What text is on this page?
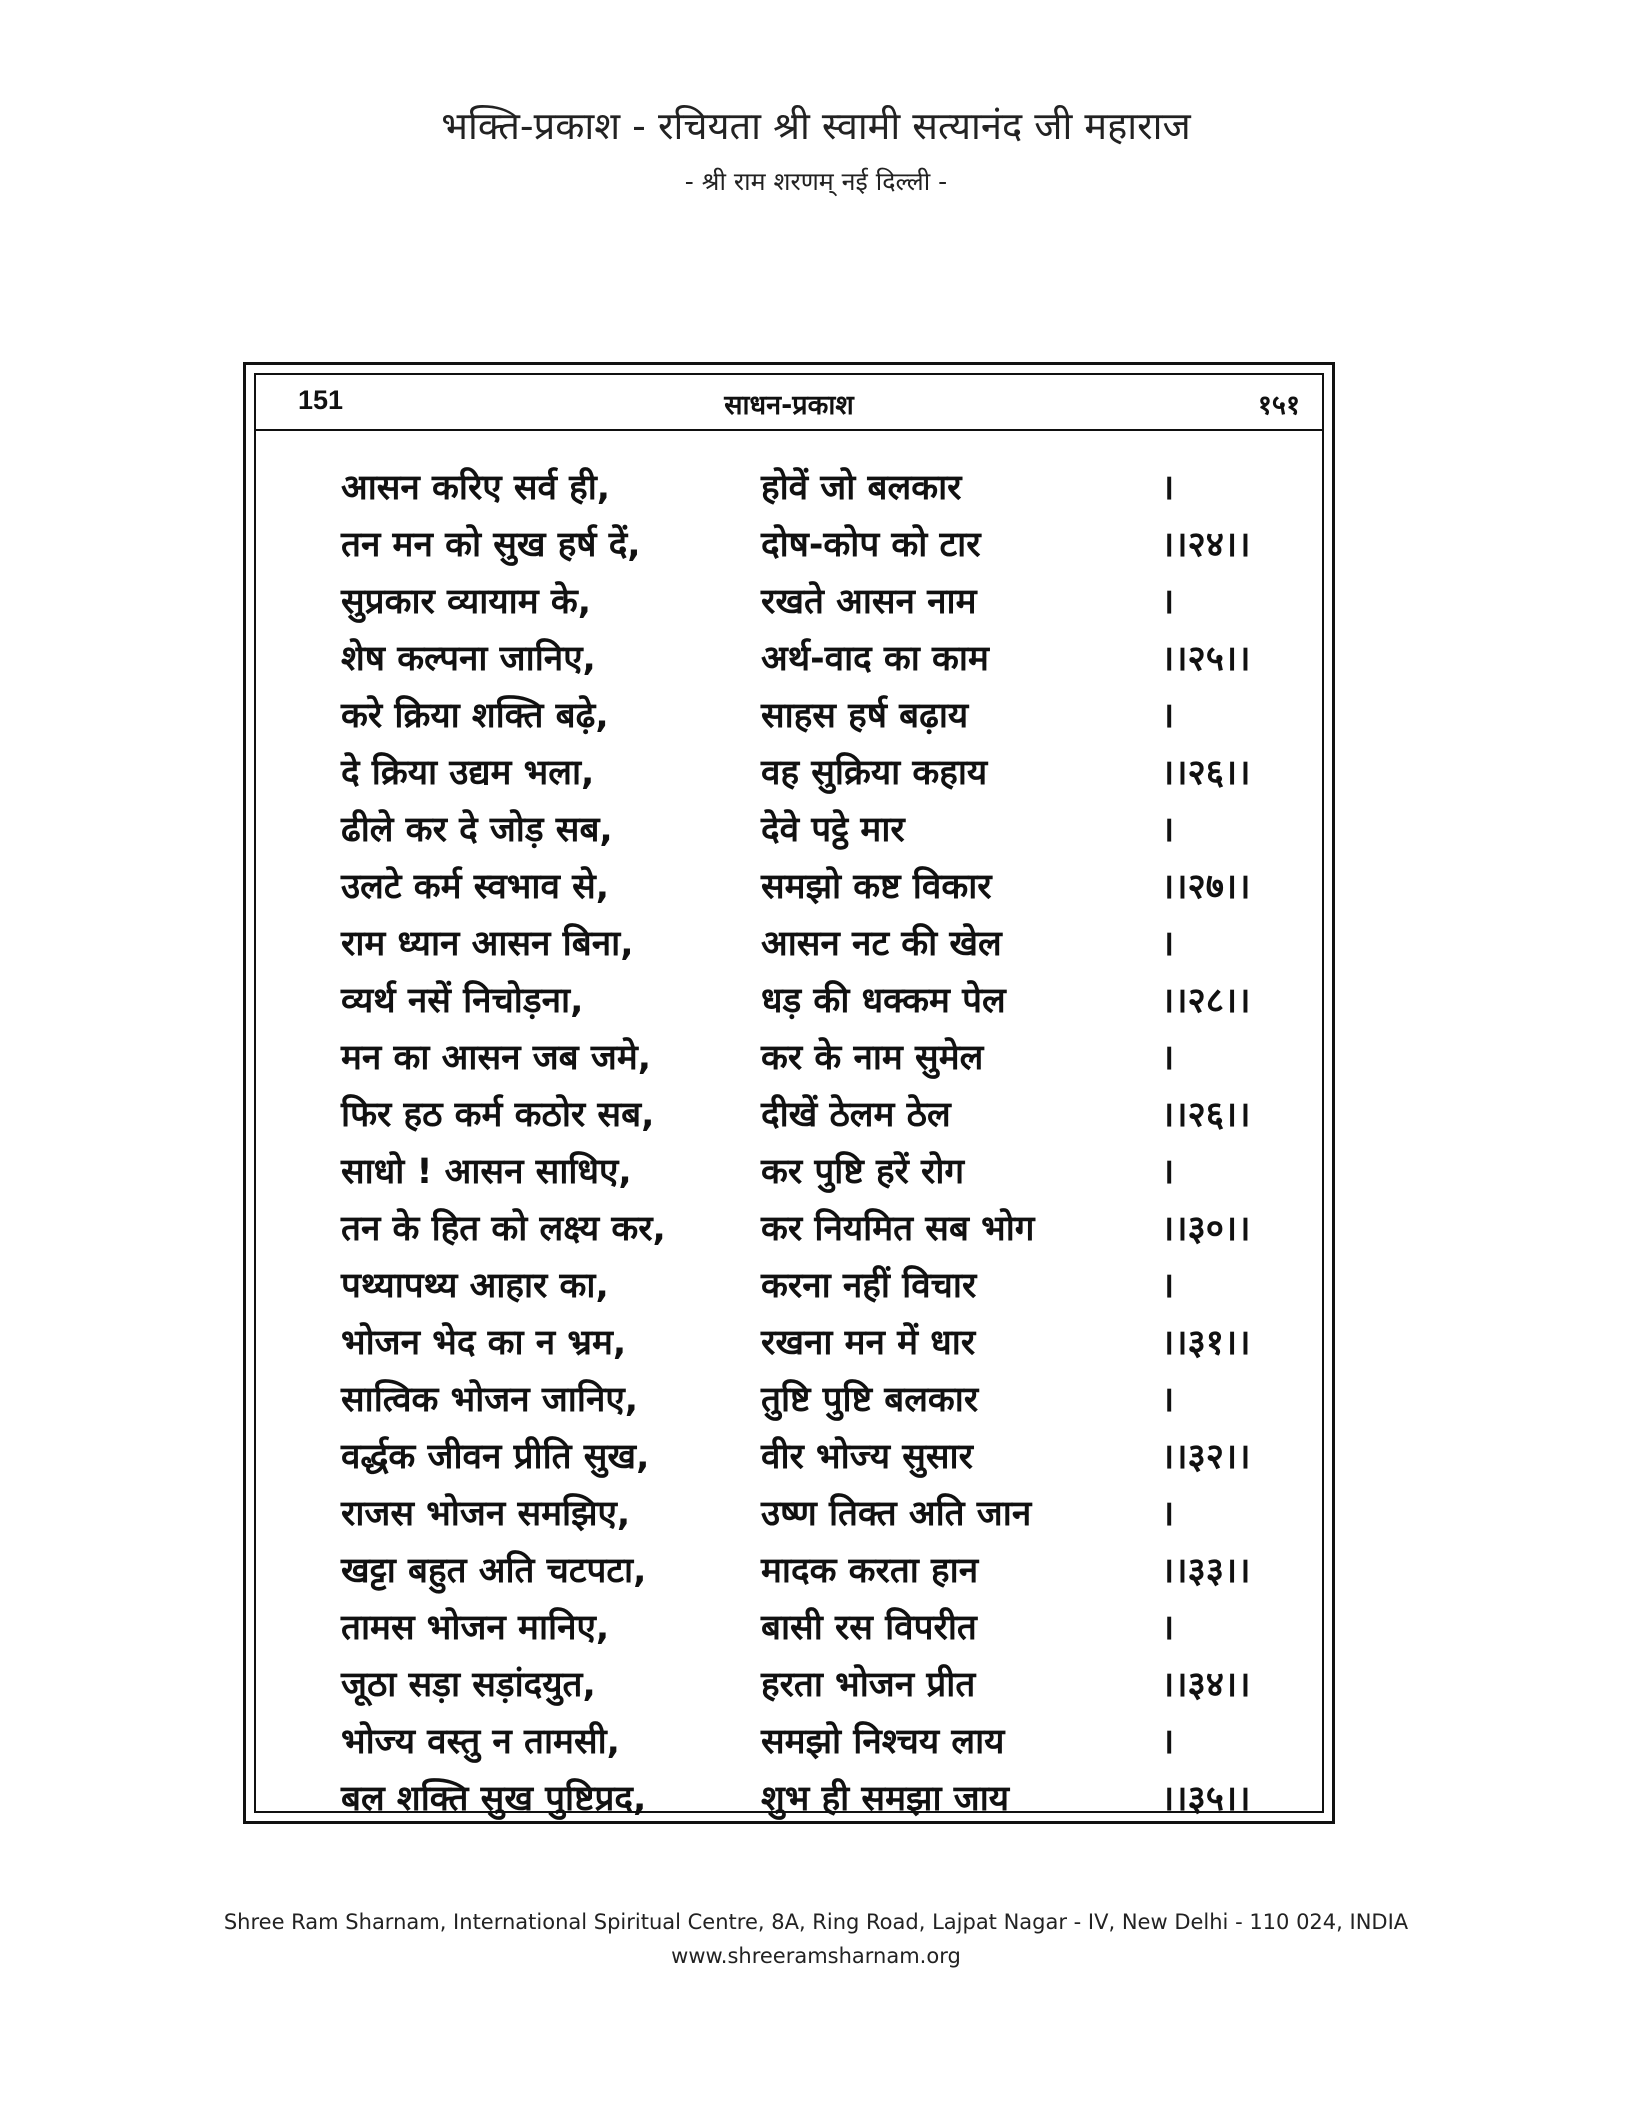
भक्ति-प्रकाश - रचियता श्री स्वामी सत्यानंद जी महाराज
- श्री राम शरणम् नई दिल्ली -
151	साधन-प्रकाश	१५१
आसन करिए सर्व ही,	होवें जो बलकार	।
तन मन को सुख हर्ष दें,	दोष-कोप को टार	।।२४।।
सुप्रकार व्यायाम के,	रखते आसन नाम	।
शेष कल्पना जानिए,	अर्थ-वाद का काम	।।२५।।
करे क्रिया शक्ति बढ़े,	साहस हर्ष बढ़ाय	।
दे क्रिया उद्यम भला,	वह सुक्रिया कहाय	।।२६।।
ढीले कर दे जोड़ सब,	देवे पट्ठे मार	।
उलटे कर्म स्वभाव से,	समझो कष्ट विकार	।।२७।।
राम ध्यान आसन बिना,	आसन नट की खेल	।
व्यर्थ नसें निचोड़ना,	धड़ की धक्कम पेल	।।२८।।
मन का आसन जब जमे,	कर के नाम सुमेल	।
फिर हठ कर्म कठोर सब,	दीखें ठेलम ठेल	।।२६।।
साधो ! आसन साधिए,	कर पुष्टि हरें रोग	।
तन के हित को लक्ष्य कर,	कर नियमित सब भोग	।।३०।।
पथ्यापथ्य आहार का,	करना नहीं विचार	।
भोजन भेद का न भ्रम,	रखना मन में धार	।।३१।।
सात्विक भोजन जानिए,	तुष्टि पुष्टि बलकार	।
वर्द्धक जीवन प्रीति सुख,	वीर भोज्य सुसार	।।३२।।
राजस भोजन समझिए,	उष्ण तिक्त अति जान	।
खट्टा बहुत अति चटपटा,	मादक करता हान	।।३३।।
तामस भोजन मानिए,	बासी रस विपरीत	।
जूठा सड़ा सड़ांदयुत,	हरता भोजन प्रीत	।।३४।।
भोज्य वस्तु न तामसी,	समझो निश्चय लाय	।
बल शक्ति सुख पुष्टिप्रद,	शुभ ही समझा जाय	।।३५।।
Shree Ram Sharnam, International Spiritual Centre, 8A, Ring Road, Lajpat Nagar - IV, New Delhi - 110 024, INDIA
www.shreeramsharnam.org
